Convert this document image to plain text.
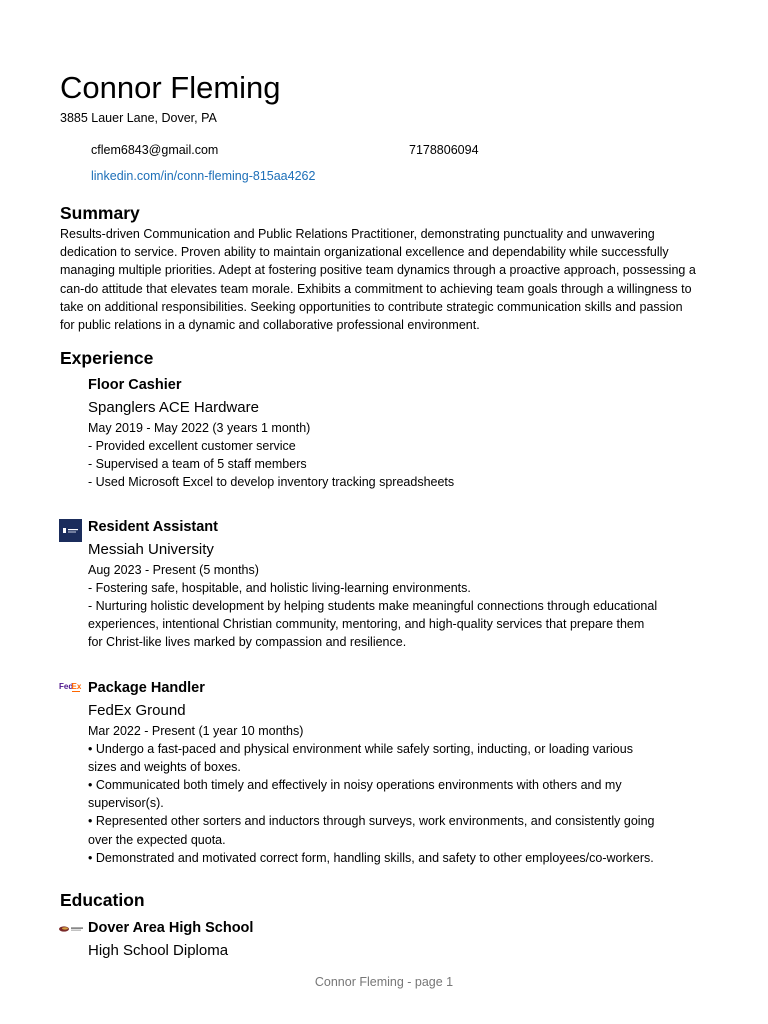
Connor Fleming
3885 Lauer Lane, Dover, PA
cflem6843@gmail.com	7178806094
linkedin.com/in/conn-fleming-815aa4262
Summary

Results-driven Communication and Public Relations Practitioner, demonstrating punctuality and unwavering dedication to service. Proven ability to maintain organizational excellence and dependability while successfully managing multiple priorities. Adept at fostering positive team dynamics through a proactive approach, possessing a can-do attitude that elevates team morale. Exhibits a commitment to achieving team goals through a willingness to take on additional responsibilities. Seeking opportunities to contribute strategic communication skills and passion for public relations in a dynamic and collaborative professional environment.

Experience
Floor Cashier
Spanglers ACE Hardware
May 2019 - May 2022 (3 years 1 month)
- Provided excellent customer service
- Supervised a team of 5 staff members
- Used Microsoft Excel to develop inventory tracking spreadsheets
Resident Assistant
Messiah University
Aug 2023 - Present (5 months)
- Fostering safe, hospitable, and holistic living-learning environments.
- Nurturing holistic development by helping students make meaningful connections through educational
experiences, intentional Christian community, mentoring, and high-quality services that prepare them
for Christ-like lives marked by compassion and resilience.
Fed
Ex Package Handler
FedEx Ground
Mar 2022 - Present (1 year 10 months)
• Undergo a fast-paced and physical environment while safely sorting, inducting, or loading various
sizes and weights of boxes.
• Communicated both timely and effectively in noisy operations environments with others and my
supervisor(s).
• Represented other sorters and inductors through surveys, work environments, and consistently going
over the expected quota.
• Demonstrated and motivated correct form, handling skills, and safety to other employees/co-workers.
Education
Dover Area High School
High School Diploma
Connor Fleming - page 1
